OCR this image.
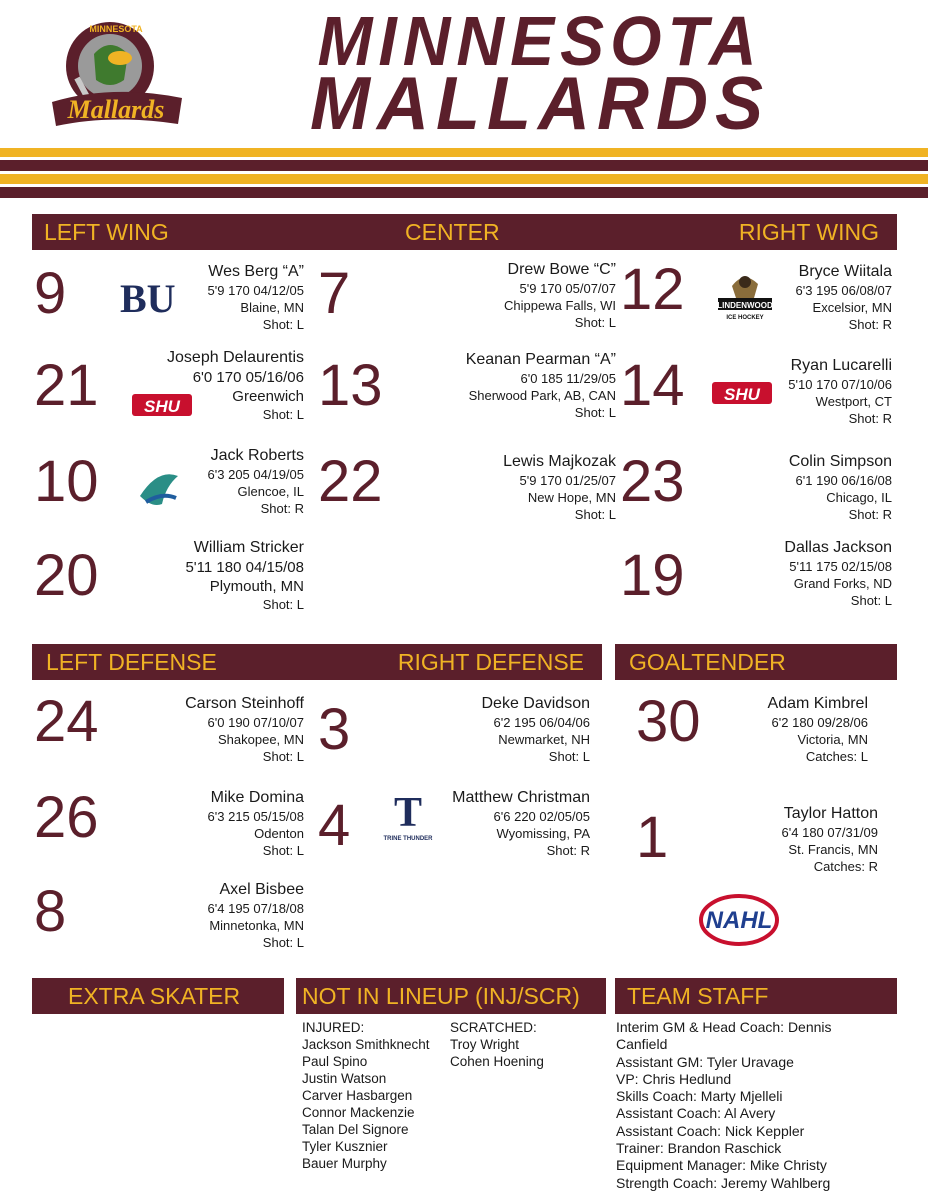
MINNESOTA
Mallards
MINNESOTA
MALLARDS
LEFT WING	CENTER	RIGHT WING
9 BU
Wes Berg “A”
5'9 170 04/12/05
Blaine, MN
Shot: L
21	SHU
Joseph Delaurentis
6'0 170 05/16/06
Greenwich
Shot: L
10	Jack Roberts
6'3 205 04/19/05
Glencoe, IL
Shot: R
20	William Stricker
5'11 180 04/15/08
Plymouth, MN
Shot: L
7	Drew Bowe “C”
5'9 170 05/07/07
Chippewa Falls, WI
Shot: L
13	Keanan Pearman “A”
6'0 185 11/29/05
Sherwood Park, AB, CAN
Shot: L
22	Lewis Majkozak
5'9 170 01/25/07
New Hope, MN
Shot: L
12	LINDENWOOD
ICE HOCKEY
Bryce Wiitala
6'3 195 06/08/07
Excelsior, MN
Shot: R
14 SHU
Ryan Lucarelli
5'10 170 07/10/06
Westport, CT
Shot: R
23	Colin Simpson
6'1 190 06/16/08
Chicago, IL
Shot: R
19	Dallas Jackson
5'11 175 02/15/08
Grand Forks, ND
Shot: L
LEFT DEFENSE	RIGHT DEFENSE GOALTENDER
24	Carson Steinhoff
6'0 190 07/10/07
Shakopee, MN
Shot: L
26	Mike Domina
6'3 215 05/15/08
Odenton
Shot: L
8	Axel Bisbee
6'4 195 07/18/08
Minnetonka, MN
Shot: L
3	Deke Davidson
6'2 195 06/04/06
Newmarket, NH
Shot: L
4 T
TRINE THUNDER
Matthew Christman
6'6 220 02/05/05
Wyomissing, PA
Shot: R
30	Adam Kimbrel
6'2 180 09/28/06
Victoria, MN
Catches: L
1	Taylor Hatton
6'4 180 07/31/09
St. Francis, MN
Catches: R
NAHL
EXTRA SKATER	NOT IN LINEUP (INJ/SCR) TEAM STAFF
INJURED:
Jackson Smithknecht
Paul Spino
Justin Watson
Carver Hasbargen
Connor Mackenzie
Talan Del Signore
Tyler Kusznier
Bauer Murphy
SCRATCHED:
Troy Wright
Cohen Hoening
Interim GM & Head Coach: Dennis Canfield
Assistant GM: Tyler Uravage
VP: Chris Hedlund
Skills Coach: Marty Mjelleli
Assistant Coach: Al Avery
Assistant Coach: Nick Keppler
Trainer: Brandon Raschick
Equipment Manager: Mike Christy
Strength Coach: Jeremy Wahlberg
